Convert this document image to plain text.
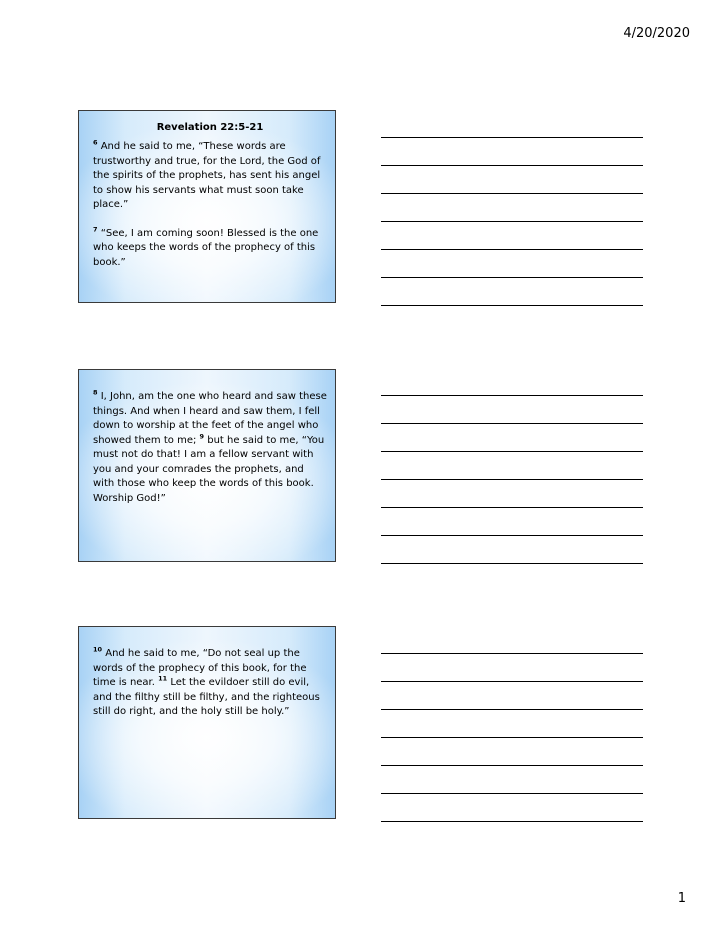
4/20/2020
Revelation 22:5-21

$^6$ And he said to me, “These words are trustworthy and true, for the Lord, the God of the spirits of the prophets, has sent his angel to show his servants what must soon take place.”

$^7$ “See, I am coming soon! Blessed is the one who keeps the words of the prophecy of this book.”

$^8$ I, John, am the one who heard and saw these things. And when I heard and saw them, I fell down to worship at the feet of the angel who showed them to me; $^9$ but he said to me, “You must not do that! I am a fellow servant with you and your comrades the prophets, and with those who keep the words of this book. Worship God!”

$^{10}$ And he said to me, “Do not seal up the words of the prophecy of this book, for the time is near. $^{11}$ Let the evildoer still do evil, and the filthy still be filthy, and the righteous still do right, and the holy still be holy.”

1
